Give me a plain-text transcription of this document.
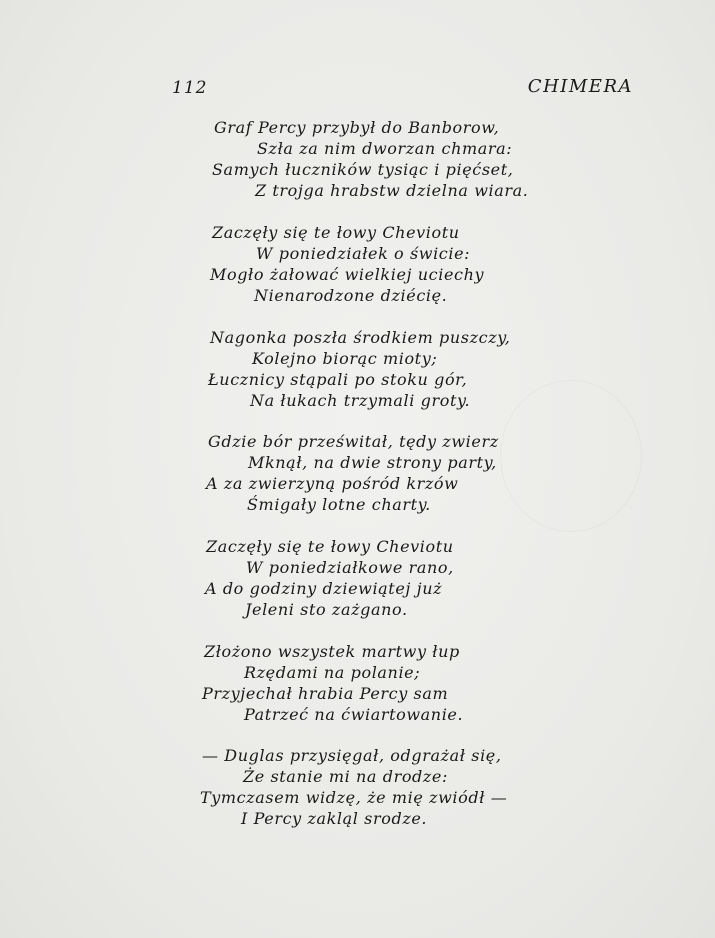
112	CHIMERA
Graf Percy przybył do Banborow,
Szła za nim dworzan chmara:
Samych łuczników tysiąc i pięćset,
Z trojga hrabstw dzielna wiara.
Zaczęły się te łowy Cheviotu
W poniedziałek o świcie:
Mogło żałować wielkiej uciechy
Nienarodzone dziécię.
Nagonka poszła środkiem puszczy,
Kolejno biorąc mioty;
Łucznicy stąpali po stoku gór,
Na łukach trzymali groty.
Gdzie bór prześwitał, tędy zwierz
Mknął, na dwie strony party,
A za zwierzyną pośród krzów
Śmigały lotne charty.
Zaczęły się te łowy Cheviotu
W poniedziałkowe rano,
A do godziny dziewiątej już
Jeleni sto zażgano.
Złożono wszystek martwy łup
Rzędami na polanie;
Przyjechał hrabia Percy sam
Patrzeć na ćwiartowanie.
— Duglas przysięgał, odgrażał się,
Że stanie mi na drodze:
Tymczasem widzę, że mię zwiódł —
I Percy zakląl srodze.
